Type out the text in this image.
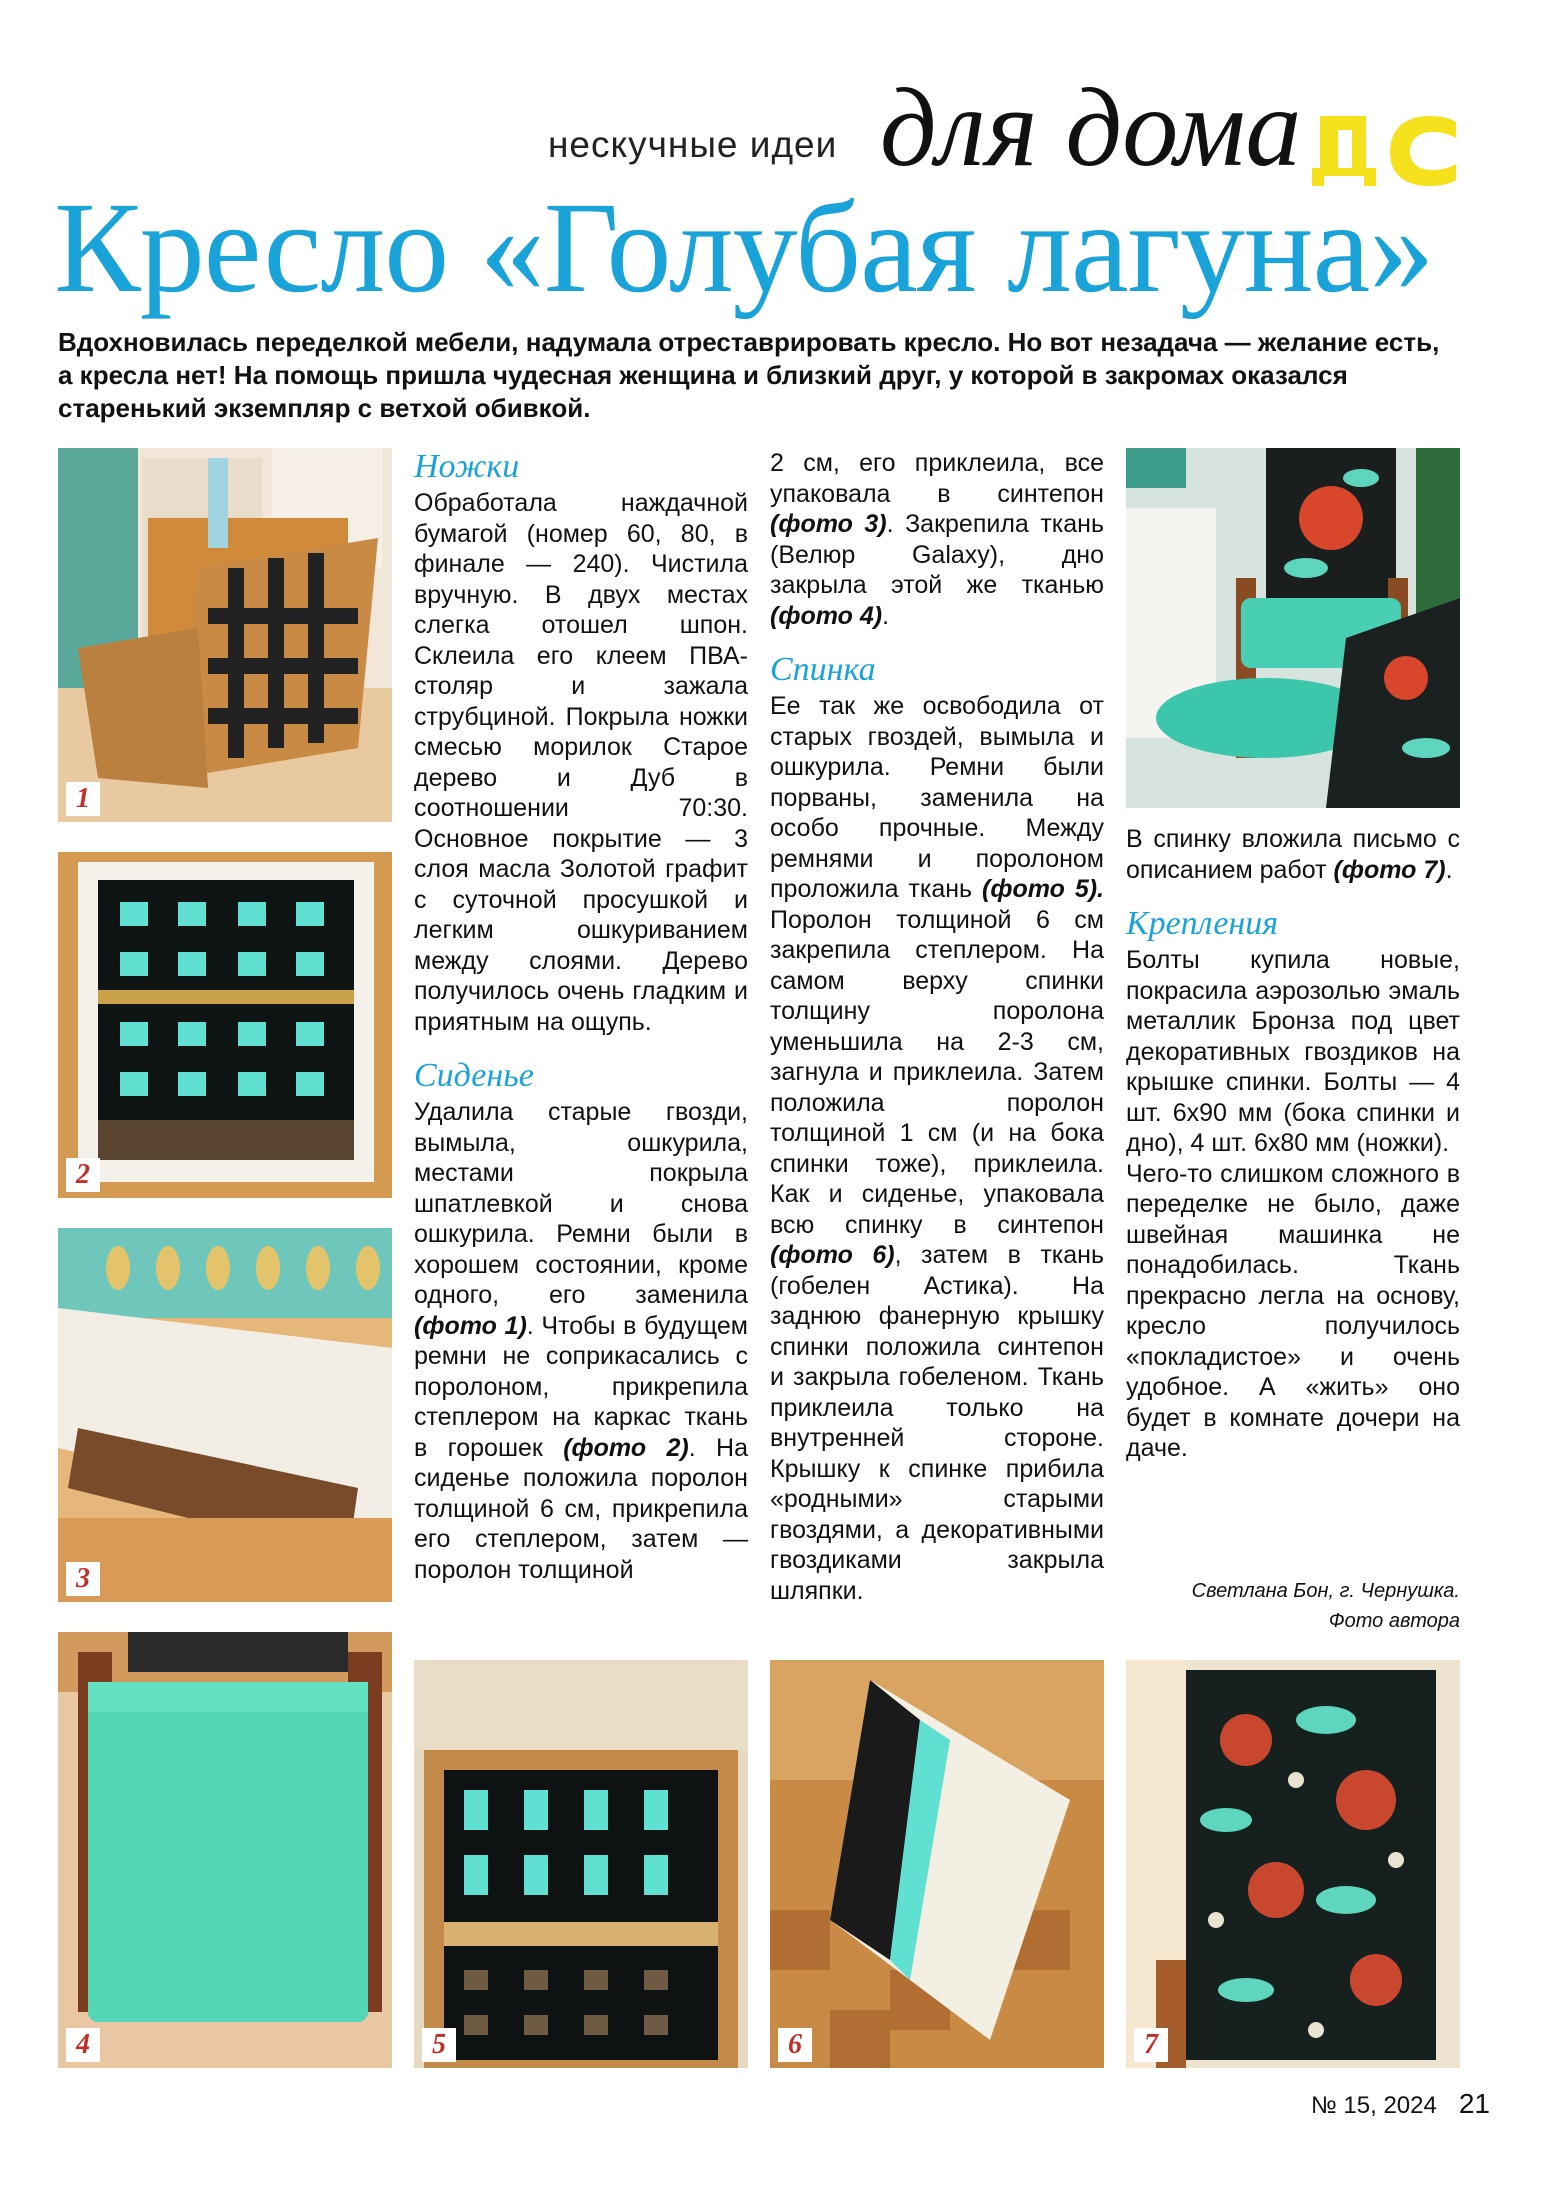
нескучные идеи для дома
Кресло «Голубая лагуна»
Вдохновилась переделкой мебели, надумала отреставрировать кресло. Но вот незадача — желание есть, а кресла нет! На помощь пришла чудесная женщина и близкий друг, у которой в закромах оказался старенький экземпляр с ветхой обивкой.
1
2
3
4	5	6	7
Ножки

Обработала наждачной бумагой (номер 60, 80, в финале — 240). Чистила вручную. В двух местах слегка отошел шпон. Склеила его клеем ПВА-столяр и зажала струбциной. Покрыла ножки смесью морилок Старое дерево и Дуб в соотношении 70:30. Основное покрытие — 3 слоя масла Золотой графит с суточной просушкой и легким ошкуриванием между слоями. Дерево получилось очень гладким и приятным на ощупь.

Сиденье

Удалила старые гвозди, вымыла, ошкурила, местами покрыла шпатлевкой и снова ошкурила. Ремни были в хорошем состоянии, кроме одного, его заменила (фото 1). Чтобы в будущем ремни не соприкасались с поролоном, прикрепила степлером на каркас ткань в горошек (фото 2). На сиденье положила поролон толщиной 6 см, прикрепила его степлером, затем — поролон толщиной

2 см, его приклеила, все упаковала в синтепон (фото 3). Закрепила ткань (Велюр Galaxy), дно закрыла этой же тканью (фото 4).

Спинка

Ее так же освободила от старых гвоздей, вымыла и ошкурила. Ремни были порваны, заменила на особо прочные. Между ремнями и поролоном проложила ткань (фото 5). Поролон толщиной 6 см закрепила степлером. На самом верху спинки толщину поролона уменьшила на 2-3 см, загнула и приклеила. Затем положила поролон толщиной 1 см (и на бока спинки тоже), приклеила. Как и сиденье, упаковала всю спинку в синтепон (фото 6), затем в ткань (гобелен Астика). На заднюю фанерную крышку спинки положила синтепон и закрыла гобеленом. Ткань приклеила только на внутренней стороне. Крышку к спинке прибила «родными» старыми гвоздями, а декоративными гвоздиками закрыла шляпки.

В спинку вложила письмо с описанием работ (фото 7).

Крепления

Болты купила новые, покрасила аэрозолью эмаль металлик Бронза под цвет декоративных гвоздиков на крышке спинки. Болты — 4 шт. 6х90 мм (бока спинки и дно), 4 шт. 6х80 мм (ножки).

Чего-то слишком сложного в переделке не было, даже швейная машинка не понадобилась. Ткань прекрасно легла на основу, кресло получилось «покладистое» и очень удобное. А «жить» оно будет в комнате дочери на даче.

Светлана Бон, г. Чернушка.
Фото автора
№ 15, 2024 21
